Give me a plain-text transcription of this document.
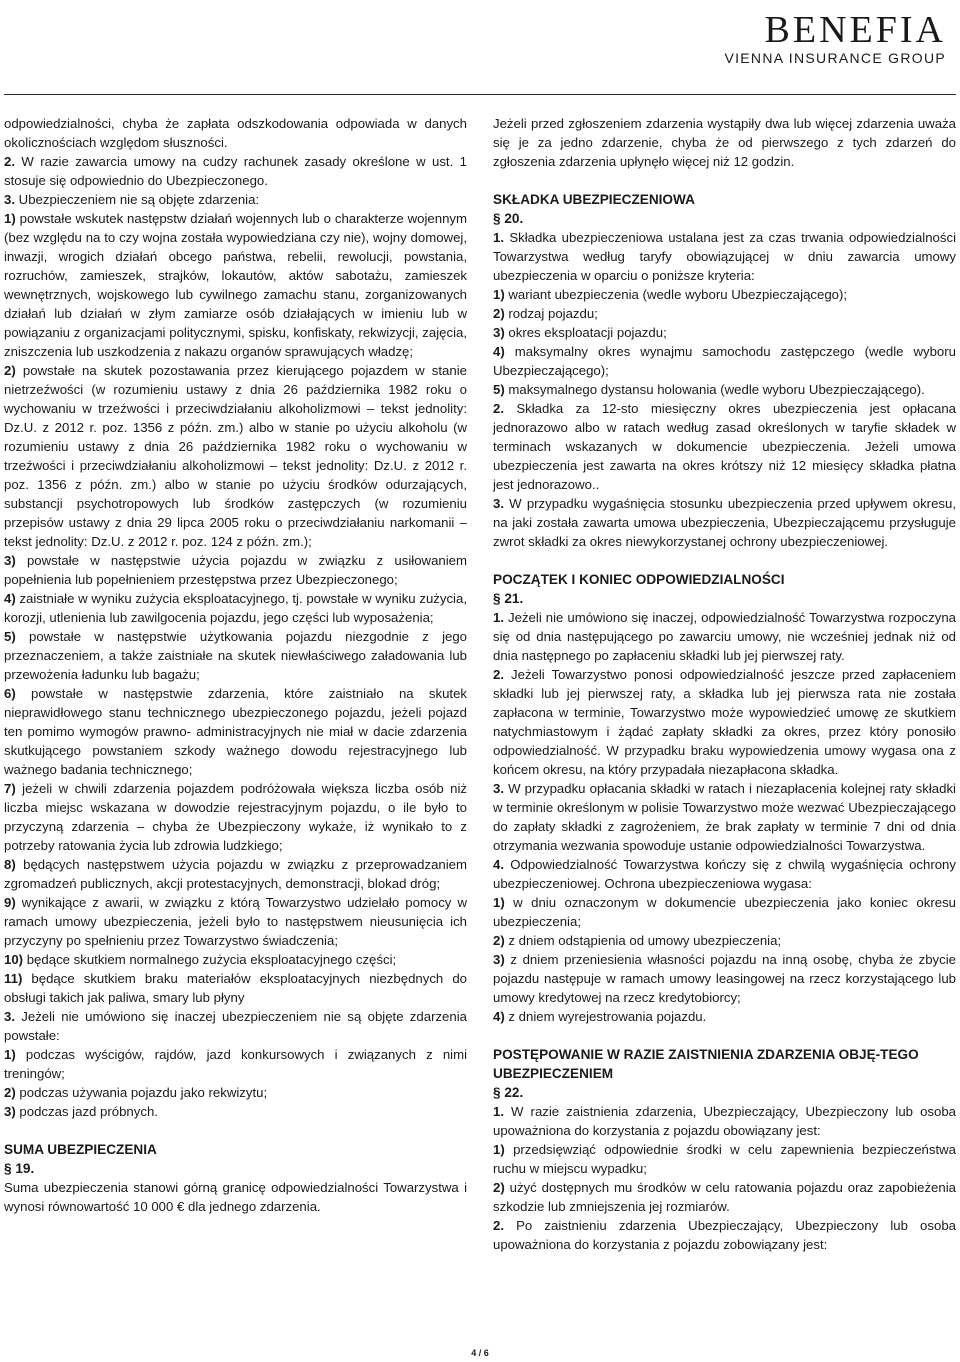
BENEFIA
VIENNA INSURANCE GROUP

odpowiedzialności, chyba że zapłata odszkodowania odpowiada w danych okolicznościach względom słuszności.

2. W razie zawarcia umowy na cudzy rachunek zasady określone w ust. 1 stosuje się odpowiednio do Ubezpieczonego.

3. Ubezpieczeniem nie są objęte zdarzenia:

1) powstałe wskutek następstw działań wojennych lub o charakterze wojennym (bez względu na to czy wojna została wypowiedziana czy nie), wojny domowej, inwazji, wrogich działań obcego państwa, rebelii, rewolucji, powstania, rozruchów, zamieszek, strajków, lokautów, aktów sabotażu, zamieszek wewnętrznych, wojskowego lub cywilnego zamachu stanu, zorganizowanych działań lub działań w złym zamiarze osób działających w imieniu lub w powiązaniu z organizacjami politycznymi, spisku, konfiskaty, rekwizycji, zajęcia, zniszczenia lub uszkodzenia z nakazu organów sprawujących władzę;

2) powstałe na skutek pozostawania przez kierującego pojazdem w stanie nietrzeźwości (w rozumieniu ustawy z dnia 26 października 1982 roku o wychowaniu w trzeźwości i przeciwdziałaniu alkoholizmowi – tekst jednolity: Dz.U. z 2012 r. poz. 1356 z późn. zm.) albo w stanie po użyciu alkoholu (w rozumieniu ustawy z dnia 26 października 1982 roku o wychowaniu w trzeźwości i przeciwdziałaniu alkoholizmowi – tekst jednolity: Dz.U. z 2012 r. poz. 1356 z późn. zm.) albo w stanie po użyciu środków odurzających, substancji psychotropowych lub środków zastępczych (w rozumieniu przepisów ustawy z dnia 29 lipca 2005 roku o przeciwdziałaniu narkomanii – tekst jednolity: Dz.U. z 2012 r. poz. 124 z późn. zm.);

3) powstałe w następstwie użycia pojazdu w związku z usiłowaniem popełnienia lub popełnieniem przestępstwa przez Ubezpieczonego;

4) zaistniałe w wyniku zużycia eksploatacyjnego, tj. powstałe w wyniku zużycia, korozji, utlenienia lub zawilgocenia pojazdu, jego części lub wyposażenia;

5) powstałe w następstwie użytkowania pojazdu niezgodnie z jego przeznaczeniem, a także zaistniałe na skutek niewłaściwego załadowania lub przewożenia ładunku lub bagażu;

6) powstałe w następstwie zdarzenia, które zaistniało na skutek nieprawidłowego stanu technicznego ubezpieczonego pojazdu, jeżeli pojazd ten pomimo wymogów prawno- administracyjnych nie miał w dacie zdarzenia skutkującego powstaniem szkody ważnego dowodu rejestracyjnego lub ważnego badania technicznego;

7) jeżeli w chwili zdarzenia pojazdem podróżowała większa liczba osób niż liczba miejsc wskazana w dowodzie rejestracyjnym pojazdu, o ile było to przyczyną zdarzenia – chyba że Ubezpieczony wykaże, iż wynikało to z potrzeby ratowania życia lub zdrowia ludzkiego;

8) będących następstwem użycia pojazdu w związku z przeprowadzaniem zgromadzeń publicznych, akcji protestacyjnych, demonstracji, blokad dróg;

9) wynikające z awarii, w związku z którą Towarzystwo udzielało pomocy w ramach umowy ubezpieczenia, jeżeli było to następstwem nieusunięcia ich przyczyny po spełnieniu przez Towarzystwo świadczenia;

10) będące skutkiem normalnego zużycia eksploatacyjnego części;

11) będące skutkiem braku materiałów eksploatacyjnych niezbędnych do obsługi takich jak paliwa, smary lub płyny

3. Jeżeli nie umówiono się inaczej ubezpieczeniem nie są objęte zdarzenia powstałe:

1) podczas wyścigów, rajdów, jazd konkursowych i związanych z nimi treningów;

2) podczas używania pojazdu jako rekwizytu;

3) podczas jazd próbnych.

SUMA UBEZPIECZENIA

§ 19.

Suma ubezpieczenia stanowi górną granicę odpowiedzialności Towarzystwa i wynosi równowartość 10 000 € dla jednego zdarzenia.

Jeżeli przed zgłoszeniem zdarzenia wystąpiły dwa lub więcej zdarzenia uważa się je za jedno zdarzenie, chyba że od pierwszego z tych zdarzeń do zgłoszenia zdarzenia upłynęło więcej niż 12 godzin.

SKŁADKA UBEZPIECZENIOWA

§ 20.

1. Składka ubezpieczeniowa ustalana jest za czas trwania odpowiedzialności Towarzystwa według taryfy obowiązującej w dniu zawarcia umowy ubezpieczenia w oparciu o poniższe kryteria:

1) wariant ubezpieczenia (wedle wyboru Ubezpieczającego);

2) rodzaj pojazdu;

3) okres eksploatacji pojazdu;

4) maksymalny okres wynajmu samochodu zastępczego (wedle wyboru Ubezpieczającego);

5) maksymalnego dystansu holowania (wedle wyboru Ubezpieczającego).

2. Składka za 12-sto miesięczny okres ubezpieczenia jest opłacana jednorazowo albo w ratach według zasad określonych w taryfie składek w terminach wskazanych w dokumencie ubezpieczenia. Jeżeli umowa ubezpieczenia jest zawarta na okres krótszy niż 12 miesięcy składka płatna jest jednorazowo..

3. W przypadku wygaśnięcia stosunku ubezpieczenia przed upływem okresu, na jaki została zawarta umowa ubezpieczenia, Ubezpieczającemu przysługuje zwrot składki za okres niewykorzystanej ochrony ubezpieczeniowej.

POCZĄTEK I KONIEC ODPOWIEDZIALNOŚCI

§ 21.

1. Jeżeli nie umówiono się inaczej, odpowiedzialność Towarzystwa rozpoczyna się od dnia następującego po zawarciu umowy, nie wcześniej jednak niż od dnia następnego po zapłaceniu składki lub jej pierwszej raty.

2. Jeżeli Towarzystwo ponosi odpowiedzialność jeszcze przed zapłaceniem składki lub jej pierwszej raty, a składka lub jej pierwsza rata nie została zapłacona w terminie, Towarzystwo może wypowiedzieć umowę ze skutkiem natychmiastowym i żądać zapłaty składki za okres, przez który ponosiło odpowiedzialność. W przypadku braku wypowiedzenia umowy wygasa ona z końcem okresu, na który przypadała niezapłacona składka.

3. W przypadku opłacania składki w ratach i niezapłacenia kolejnej raty składki w terminie określonym w polisie Towarzystwo może wezwać Ubezpieczającego do zapłaty składki z zagrożeniem, że brak zapłaty w terminie 7 dni od dnia otrzymania wezwania spowoduje ustanie odpowiedzialności Towarzystwa.

4. Odpowiedzialność Towarzystwa kończy się z chwilą wygaśnięcia ochrony ubezpieczeniowej. Ochrona ubezpieczeniowa wygasa:

1) w dniu oznaczonym w dokumencie ubezpieczenia jako koniec okresu ubezpieczenia;

2) z dniem odstąpienia od umowy ubezpieczenia;

3) z dniem przeniesienia własności pojazdu na inną osobę, chyba że zbycie pojazdu następuje w ramach umowy leasingowej na rzecz korzystającego lub umowy kredytowej na rzecz kredytobiorcy;

4) z dniem wyrejestrowania pojazdu.

POSTĘPOWANIE W RAZIE ZAISTNIENIA ZDARZENIA OBJĘ-TEGO UBEZPIECZENIEM

§ 22.

1. W razie zaistnienia zdarzenia, Ubezpieczający, Ubezpieczony lub osoba upoważniona do korzystania z pojazdu obowiązany jest:

1) przedsięwziąć odpowiednie środki w celu zapewnienia bezpieczeństwa ruchu w miejscu wypadku;

2) użyć dostępnych mu środków w celu ratowania pojazdu oraz zapobieżenia szkodzie lub zmniejszenia jej rozmiarów.

2. Po zaistnieniu zdarzenia Ubezpieczający, Ubezpieczony lub osoba upoważniona do korzystania z pojazdu zobowiązany jest:

4 / 6
